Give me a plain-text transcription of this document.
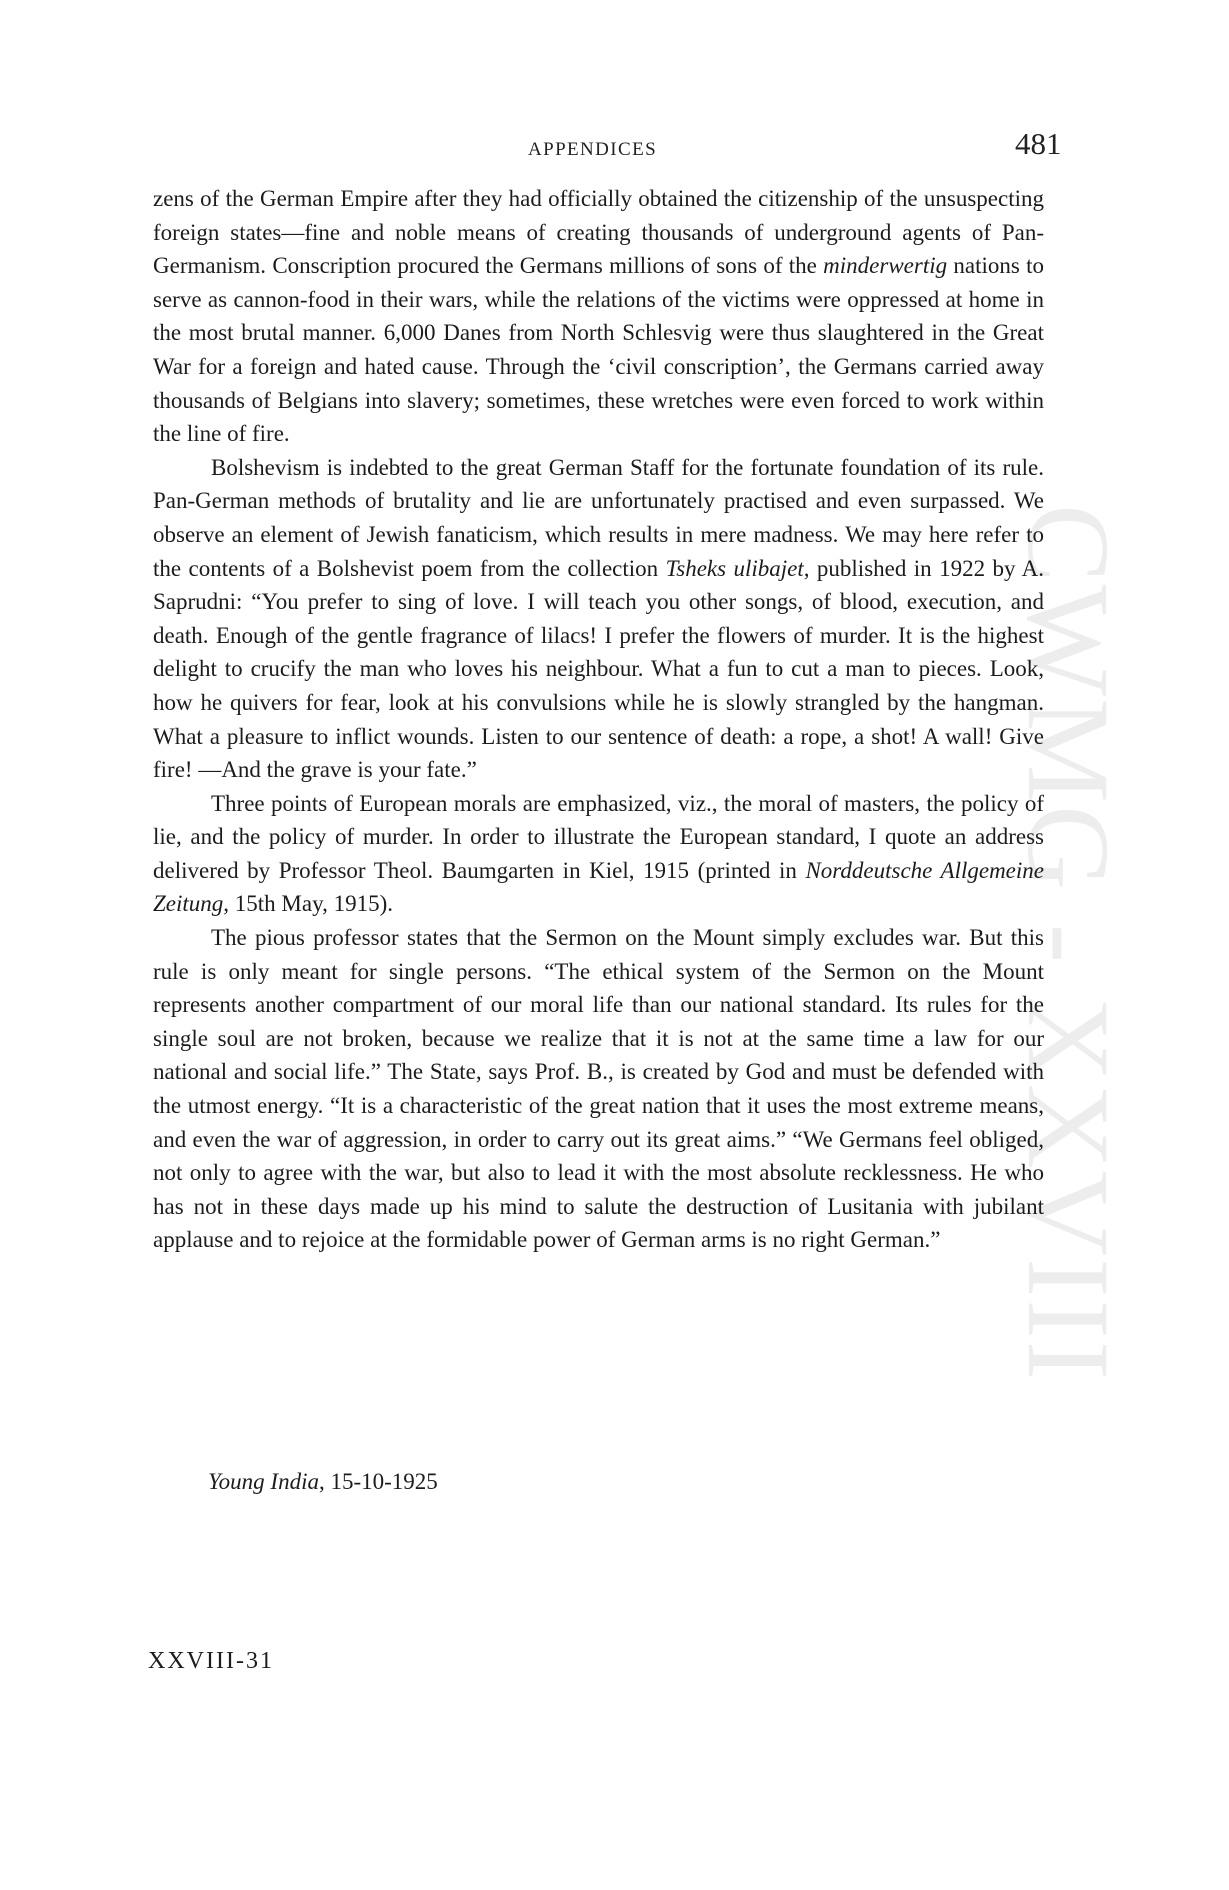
CWMG - XXVIII
APPENDICES	481

zens of the German Empire after they had officially obtained the citizenship of the unsuspecting foreign states—fine and noble means of creating thousands of underground agents of Pan-Germanism. Conscription procured the Germans millions of sons of the minderwertig nations to serve as cannon-food in their wars, while the relations of the victims were oppressed at home in the most brutal manner. 6,000 Danes from North Schlesvig were thus slaughtered in the Great War for a foreign and hated cause. Through the ‘civil conscription’, the Germans carried away thousands of Belgians into slavery; sometimes, these wretches were even forced to work within the line of fire.

Bolshevism is indebted to the great German Staff for the fortunate foundation of its rule. Pan-German methods of brutality and lie are unfortunately practised and even surpassed. We observe an element of Jewish fanaticism, which results in mere madness. We may here refer to the contents of a Bolshevist poem from the collection Tsheks ulibajet, published in 1922 by A. Saprudni: “You prefer to sing of love. I will teach you other songs, of blood, execution, and death. Enough of the gentle fragrance of lilacs! I prefer the flowers of murder. It is the highest delight to crucify the man who loves his neighbour. What a fun to cut a man to pieces. Look, how he quivers for fear, look at his convulsions while he is slowly strangled by the hangman. What a pleasure to inflict wounds. Listen to our sentence of death: a rope, a shot! A wall! Give fire! —And the grave is your fate.”

Three points of European morals are emphasized, viz., the moral of masters, the policy of lie, and the policy of murder. In order to illustrate the European standard, I quote an address delivered by Professor Theol. Baumgarten in Kiel, 1915 (printed in Norddeutsche Allgemeine Zeitung, 15th May, 1915).

The pious professor states that the Sermon on the Mount simply excludes war. But this rule is only meant for single persons. “The ethical system of the Sermon on the Mount represents another compartment of our moral life than our national standard. Its rules for the single soul are not broken, because we realize that it is not at the same time a law for our national and social life.” The State, says Prof. B., is created by God and must be defended with the utmost energy. “It is a characteristic of the great nation that it uses the most extreme means, and even the war of aggression, in order to carry out its great aims.” “We Germans feel obliged, not only to agree with the war, but also to lead it with the most absolute recklessness. He who has not in these days made up his mind to salute the destruction of Lusitania with jubilant applause and to rejoice at the formidable power of German arms is no right German.”

Young India, 15-10-1925
XXVIII-31
